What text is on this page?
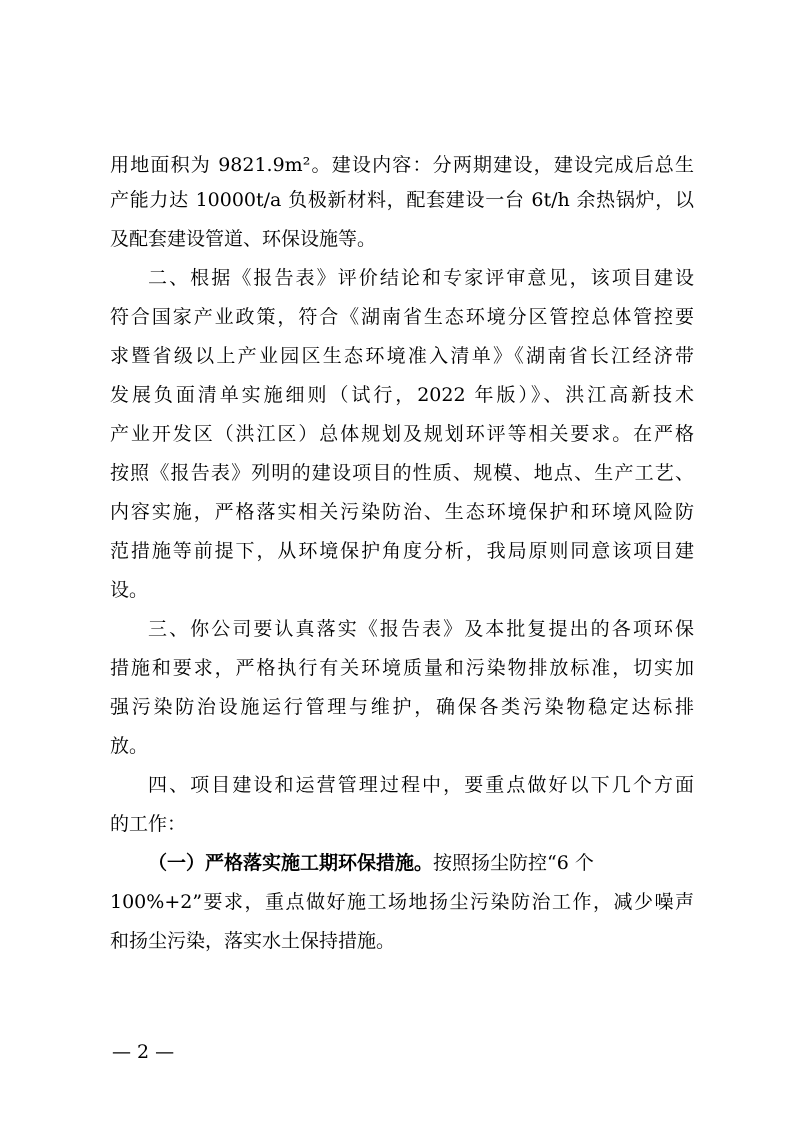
用地面积为 9821.9m²。建设内容：分两期建设，建设完成后总生
产能力达 10000t/a 负极新材料，配套建设一台 6t/h 余热锅炉，以
及配套建设管道、环保设施等。
二、根据《报告表》评价结论和专家评审意见，该项目建设
符合国家产业政策，符合《湖南省生态环境分区管控总体管控要
求暨省级以上产业园区生态环境准入清单》《湖南省长江经济带
发展负面清单实施细则（试行，2022 年版）》、洪江高新技术
产业开发区（洪江区）总体规划及规划环评等相关要求。在严格
按照《报告表》列明的建设项目的性质、规模、地点、生产工艺、
内容实施，严格落实相关污染防治、生态环境保护和环境风险防
范措施等前提下，从环境保护角度分析，我局原则同意该项目建
设。
三、你公司要认真落实《报告表》及本批复提出的各项环保
措施和要求，严格执行有关环境质量和污染物排放标准，切实加
强污染防治设施运行管理与维护，确保各类污染物稳定达标排
放。
四、项目建设和运营管理过程中，要重点做好以下几个方面
的工作：
（一）严格落实施工期环保措施。按照扬尘防控“6 个
100%+2”要求，重点做好施工场地扬尘污染防治工作，减少噪声
和扬尘污染，落实水土保持措施。
— 2 —
